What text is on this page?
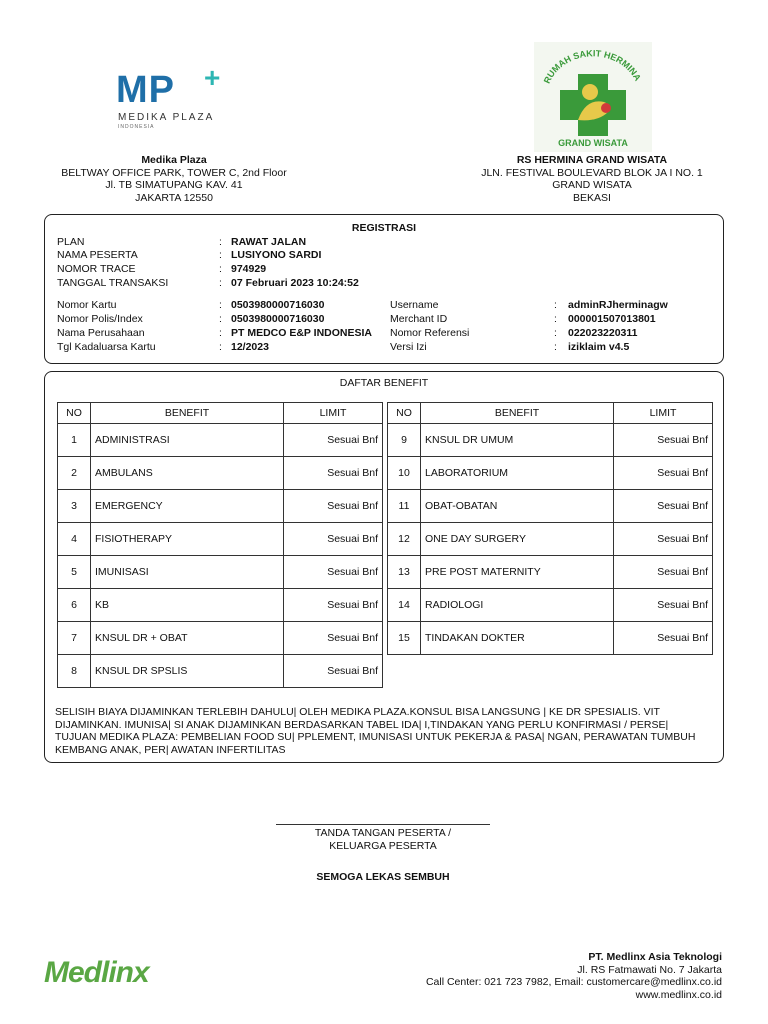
MP +
MEDIKA PLAZA
INDONESIA
RUMAH SAKIT HERMINA
GRAND WISATA
Medika Plaza
BELTWAY OFFICE PARK, TOWER C, 2nd Floor
Jl. TB SIMATUPANG KAV. 41
JAKARTA 12550
RS HERMINA GRAND WISATA
JLN. FESTIVAL BOULEVARD BLOK JA I NO. 1
GRAND WISATA
BEKASI
REGISTRASI
PLAN	: RAWAT JALAN
NAMA PESERTA	: LUSIYONO SARDI
NOMOR TRACE	: 974929
TANGGAL TRANSAKSI	: 07 Februari 2023 10:24:52
Nomor Kartu	: 0503980000716030
Nomor Polis/Index	: 0503980000716030
Nama Perusahaan	: PT MEDCO E&P INDONESIA
Tgl Kadaluarsa Kartu	: 12/2023
Username	: adminRJherminagw
Merchant ID	: 000001507013801
Nomor Referensi	: 022023220311
Versi Izi	: iziklaim v4.5
DAFTAR BENEFIT
NO	BENEFIT	LIMIT
1	ADMINISTRASI	Sesuai Bnf
2	AMBULANS	Sesuai Bnf
3	EMERGENCY	Sesuai Bnf
4	FISIOTHERAPY	Sesuai Bnf
5	IMUNISASI	Sesuai Bnf
6	KB	Sesuai Bnf
7	KNSUL DR + OBAT	Sesuai Bnf
8	KNSUL DR SPSLIS	Sesuai Bnf
NO	BENEFIT	LIMIT
9	KNSUL DR UMUM	Sesuai Bnf
10	LABORATORIUM	Sesuai Bnf
11	OBAT-OBATAN	Sesuai Bnf
12	ONE DAY SURGERY	Sesuai Bnf
13	PRE POST MATERNITY	Sesuai Bnf
14	RADIOLOGI	Sesuai Bnf
15	TINDAKAN DOKTER	Sesuai Bnf
SELISIH BIAYA DIJAMINKAN TERLEBIH DAHULU| OLEH MEDIKA PLAZA.KONSUL BISA LANGSUNG | KE DR SPESIALIS. VIT
DIJAMINKAN. IMUNISA| SI ANAK DIJAMINKAN BERDASARKAN TABEL IDA| I,TINDAKAN YANG PERLU KONFIRMASI / PERSE|
TUJUAN MEDIKA PLAZA: PEMBELIAN FOOD SU| PPLEMENT, IMUNISASI UNTUK PEKERJA & PASA| NGAN, PERAWATAN TUMBUH
KEMBANG ANAK, PER| AWATAN INFERTILITAS
TANDA TANGAN PESERTA /
KELUARGA PESERTA
SEMOGA LEKAS SEMBUH
Medlinx	PT. Medlinx Asia Teknologi
Jl. RS Fatmawati No. 7 Jakarta
Call Center: 021 723 7982, Email: customercare@medlinx.co.id
www.medlinx.co.id
